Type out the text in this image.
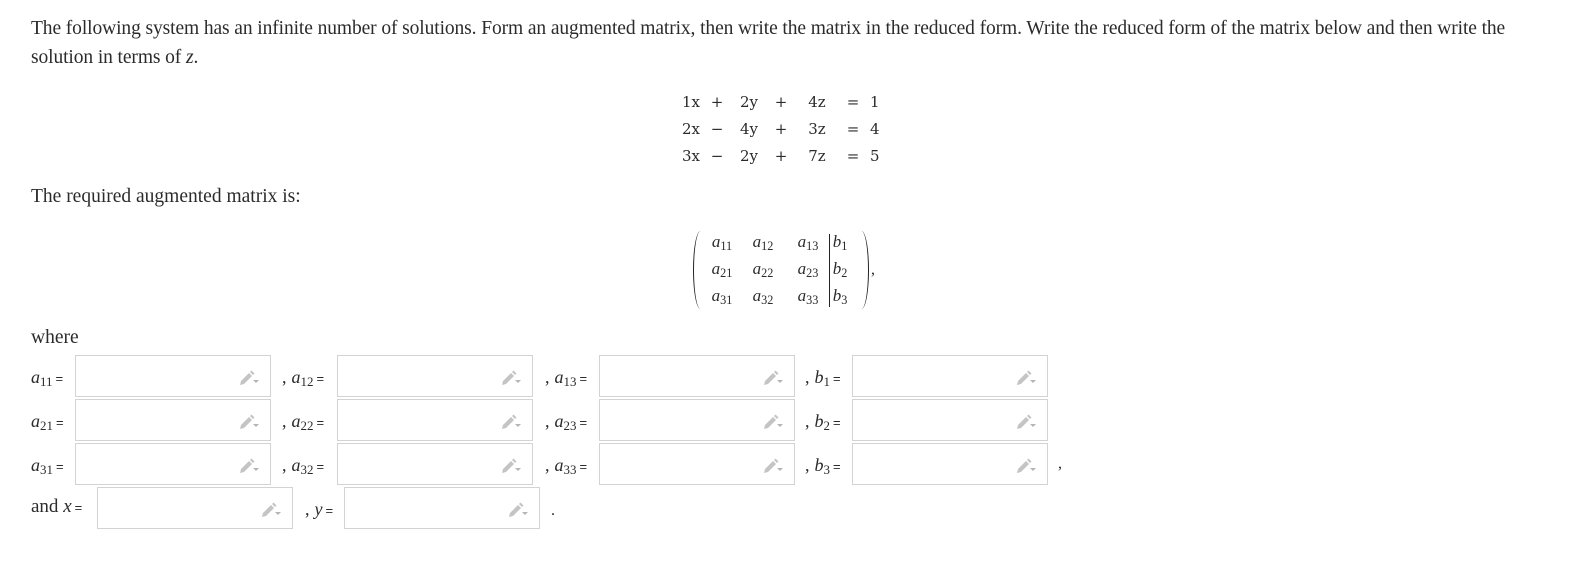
The following system has an infinite number of solutions. Form an augmented matrix, then write the matrix in the reduced form. Write the reduced form of the matrix below and then write the solution in terms of z.
1x +	2y	+	4z	= 1
2x −	4y	+	3z	= 4
3x −	2y	+	7z	= 5
The required augmented matrix is:
,
$a_{11}$	$a_{12}$	$a_{13}$ $b_1$
$a_{21}$	$a_{22}$	$a_{23}$ $b_2$
$a_{31}$	$a_{32}$	$a_{33}$ $b_3$
where
$a_{11}$ =	, $a_{12}$ =	, $a_{13}$ =	, $b_1$ =
$a_{21}$ =	, $a_{22}$ =	, $a_{23}$ =	, $b_2$ =
$a_{31}$ =	, $a_{32}$ =	, $a_{33}$ =	, $b_3$ =	,
and x =	, y =	.
